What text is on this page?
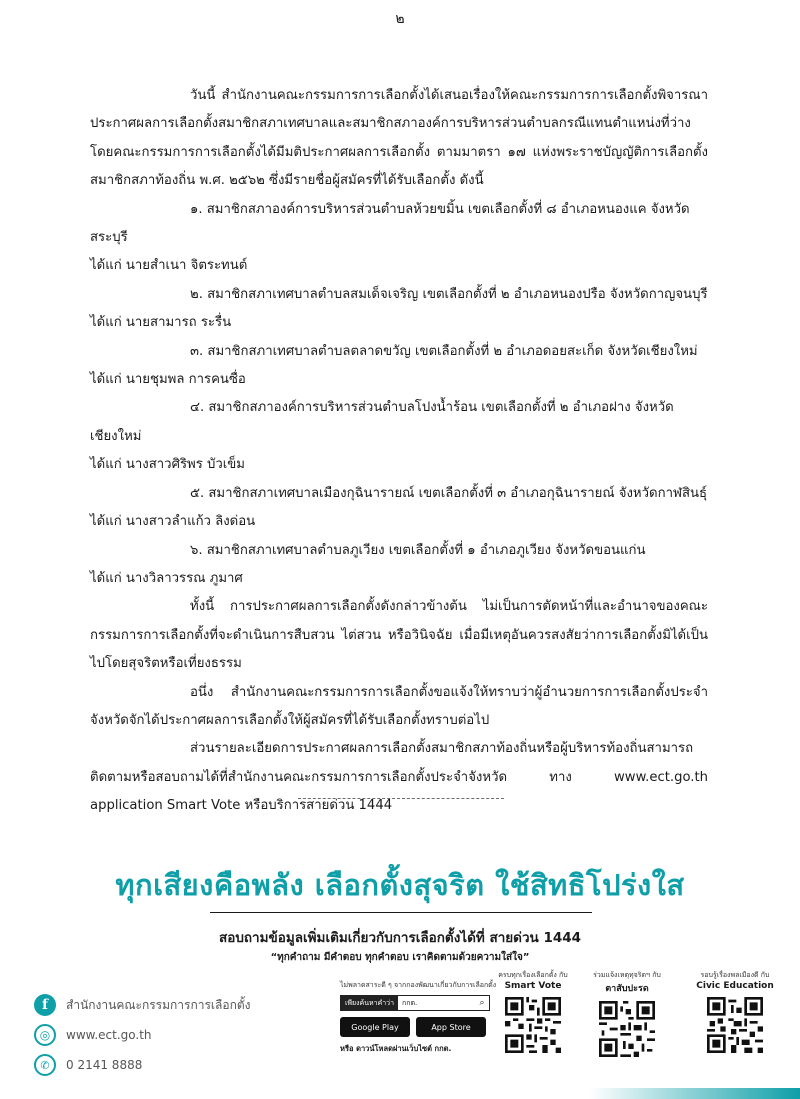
๒

วันนี้ สำนักงานคณะกรรมการการเลือกตั้งได้เสนอเรื่องให้คณะกรรมการการเลือกตั้งพิจารณาประกาศผลการเลือกตั้งสมาชิกสภาเทศบาลและสมาชิกสภาองค์การบริหารส่วนตำบลกรณีแทนตำแหน่งที่ว่าง โดยคณะกรรมการการเลือกตั้งได้มีมติประกาศผลการเลือกตั้ง ตามมาตรา ๑๗ แห่งพระราชบัญญัติการเลือกตั้งสมาชิกสภาท้องถิ่น พ.ศ. ๒๕๖๒ ซึ่งมีรายชื่อผู้สมัครที่ได้รับเลือกตั้ง ดังนี้

๑. สมาชิกสภาองค์การบริหารส่วนตำบลห้วยขมิ้น เขตเลือกตั้งที่ ๘ อำเภอหนองแค จังหวัดสระบุรี

ได้แก่ นายสำเนา จิตระทนต์

๒. สมาชิกสภาเทศบาลตำบลสมเด็จเจริญ เขตเลือกตั้งที่ ๒ อำเภอหนองปรือ จังหวัดกาญจนบุรี

ได้แก่ นายสามารถ ระรื่น

๓. สมาชิกสภาเทศบาลตำบลตลาดขวัญ เขตเลือกตั้งที่ ๒ อำเภอดอยสะเก็ด จังหวัดเชียงใหม่

ได้แก่ นายชุมพล การคนซื่อ

๔. สมาชิกสภาองค์การบริหารส่วนตำบลโปงน้ำร้อน เขตเลือกตั้งที่ ๒ อำเภอฝาง จังหวัดเชียงใหม่

ได้แก่ นางสาวศิริพร บัวเข็ม

๕. สมาชิกสภาเทศบาลเมืองกุฉินารายณ์ เขตเลือกตั้งที่ ๓ อำเภอกุฉินารายณ์ จังหวัดกาฬสินธุ์

ได้แก่ นางสาวลำแก้ว ลิงด่อน

๖. สมาชิกสภาเทศบาลตำบลภูเวียง เขตเลือกตั้งที่ ๑ อำเภอภูเวียง จังหวัดขอนแก่น

ได้แก่ นางวิลาวรรณ ภูมาศ

ทั้งนี้ การประกาศผลการเลือกตั้งดังกล่าวข้างต้น ไม่เป็นการตัดหน้าที่และอำนาจของคณะกรรมการการเลือกตั้งที่จะดำเนินการสืบสวน ไต่สวน หรือวินิจฉัย เมื่อมีเหตุอันควรสงสัยว่าการเลือกตั้งมิได้เป็นไปโดยสุจริตหรือเที่ยงธรรม

อนึ่ง สำนักงานคณะกรรมการการเลือกตั้งขอแจ้งให้ทราบว่าผู้อำนวยการการเลือกตั้งประจำจังหวัดจักได้ประกาศผลการเลือกตั้งให้ผู้สมัครที่ได้รับเลือกตั้งทราบต่อไป

ส่วนรายละเอียดการประกาศผลการเลือกตั้งสมาชิกสภาท้องถิ่นหรือผู้บริหารท้องถิ่นสามารถติดตามหรือสอบถามได้ที่สำนักงานคณะกรรมการการเลือกตั้งประจำจังหวัด ทาง www.ect.go.th application Smart Vote หรือบริการสายด่วน 1444

ทุกเสียงคือพลัง เลือกตั้งสุจริต ใช้สิทธิโปร่งใส
สอบถามข้อมูลเพิ่มเติมเกี่ยวกับการเลือกตั้งได้ที่ สายด่วน 1444
“ทุกคำถาม มีคำตอบ ทุกคำตอบ เราคิดตามด้วยความใส่ใจ”
f	สำนักงานคณะกรรมการการเลือกตั้ง
◎	www.ect.go.th
✆	0 2141 8888
ไม่พลาดสาระดี ๆ จากกองพัฒนาเกี่ยวกับการเลือกตั้ง
เพียงค้นหาคำว่า	กกต.	⌕
Google Play	App Store
หรือ ดาวน์โหลดผ่านเว็บไซต์ กกต.
ครบทุกเรื่องเลือกตั้ง กับ
Smart Vote
ร่วมแจ้งเหตุทุจริตฯ กับ
ตาสับปะรด
รอบรู้เรื่องพลเมืองดี กับ
Civic Education
